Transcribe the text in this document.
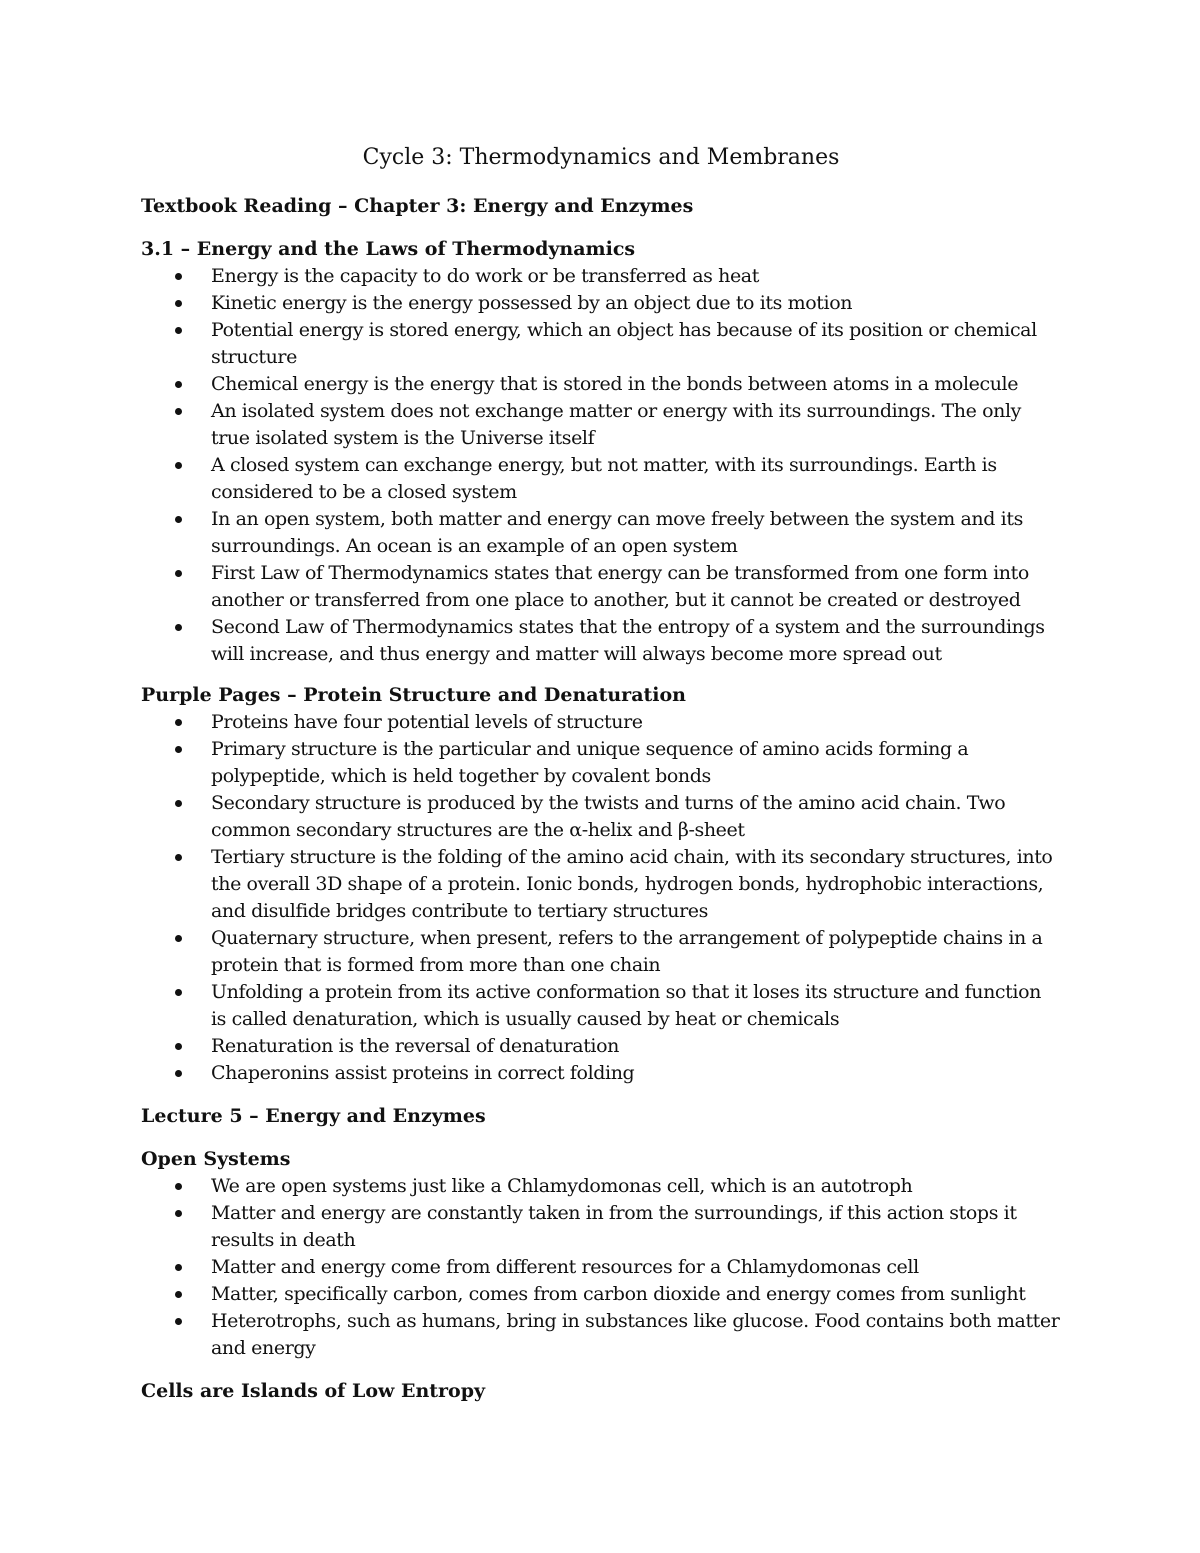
Cycle 3: Thermodynamics and Membranes

Textbook Reading – Chapter 3: Energy and Enzymes

3.1 – Energy and the Laws of Thermodynamics

Energy is the capacity to do work or be transferred as heat
Kinetic energy is the energy possessed by an object due to its motion
Potential energy is stored energy, which an object has because of its position or chemical structure
Chemical energy is the energy that is stored in the bonds between atoms in a molecule
An isolated system does not exchange matter or energy with its surroundings. The only true isolated system is the Universe itself
A closed system can exchange energy, but not matter, with its surroundings. Earth is considered to be a closed system
In an open system, both matter and energy can move freely between the system and its surroundings. An ocean is an example of an open system
First Law of Thermodynamics states that energy can be transformed from one form into another or transferred from one place to another, but it cannot be created or destroyed
Second Law of Thermodynamics states that the entropy of a system and the surroundings will increase, and thus energy and matter will always become more spread out

Purple Pages – Protein Structure and Denaturation

Proteins have four potential levels of structure
Primary structure is the particular and unique sequence of amino acids forming a polypeptide, which is held together by covalent bonds
Secondary structure is produced by the twists and turns of the amino acid chain. Two common secondary structures are the α-helix and β-sheet
Tertiary structure is the folding of the amino acid chain, with its secondary structures, into the overall 3D shape of a protein. Ionic bonds, hydrogen bonds, hydrophobic interactions, and disulfide bridges contribute to tertiary structures
Quaternary structure, when present, refers to the arrangement of polypeptide chains in a protein that is formed from more than one chain
Unfolding a protein from its active conformation so that it loses its structure and function is called denaturation, which is usually caused by heat or chemicals
Renaturation is the reversal of denaturation
Chaperonins assist proteins in correct folding

Lecture 5 – Energy and Enzymes

Open Systems

We are open systems just like a Chlamydomonas cell, which is an autotroph
Matter and energy are constantly taken in from the surroundings, if this action stops it results in death
Matter and energy come from different resources for a Chlamydomonas cell
Matter, specifically carbon, comes from carbon dioxide and energy comes from sunlight
Heterotrophs, such as humans, bring in substances like glucose. Food contains both matter and energy

Cells are Islands of Low Entropy
